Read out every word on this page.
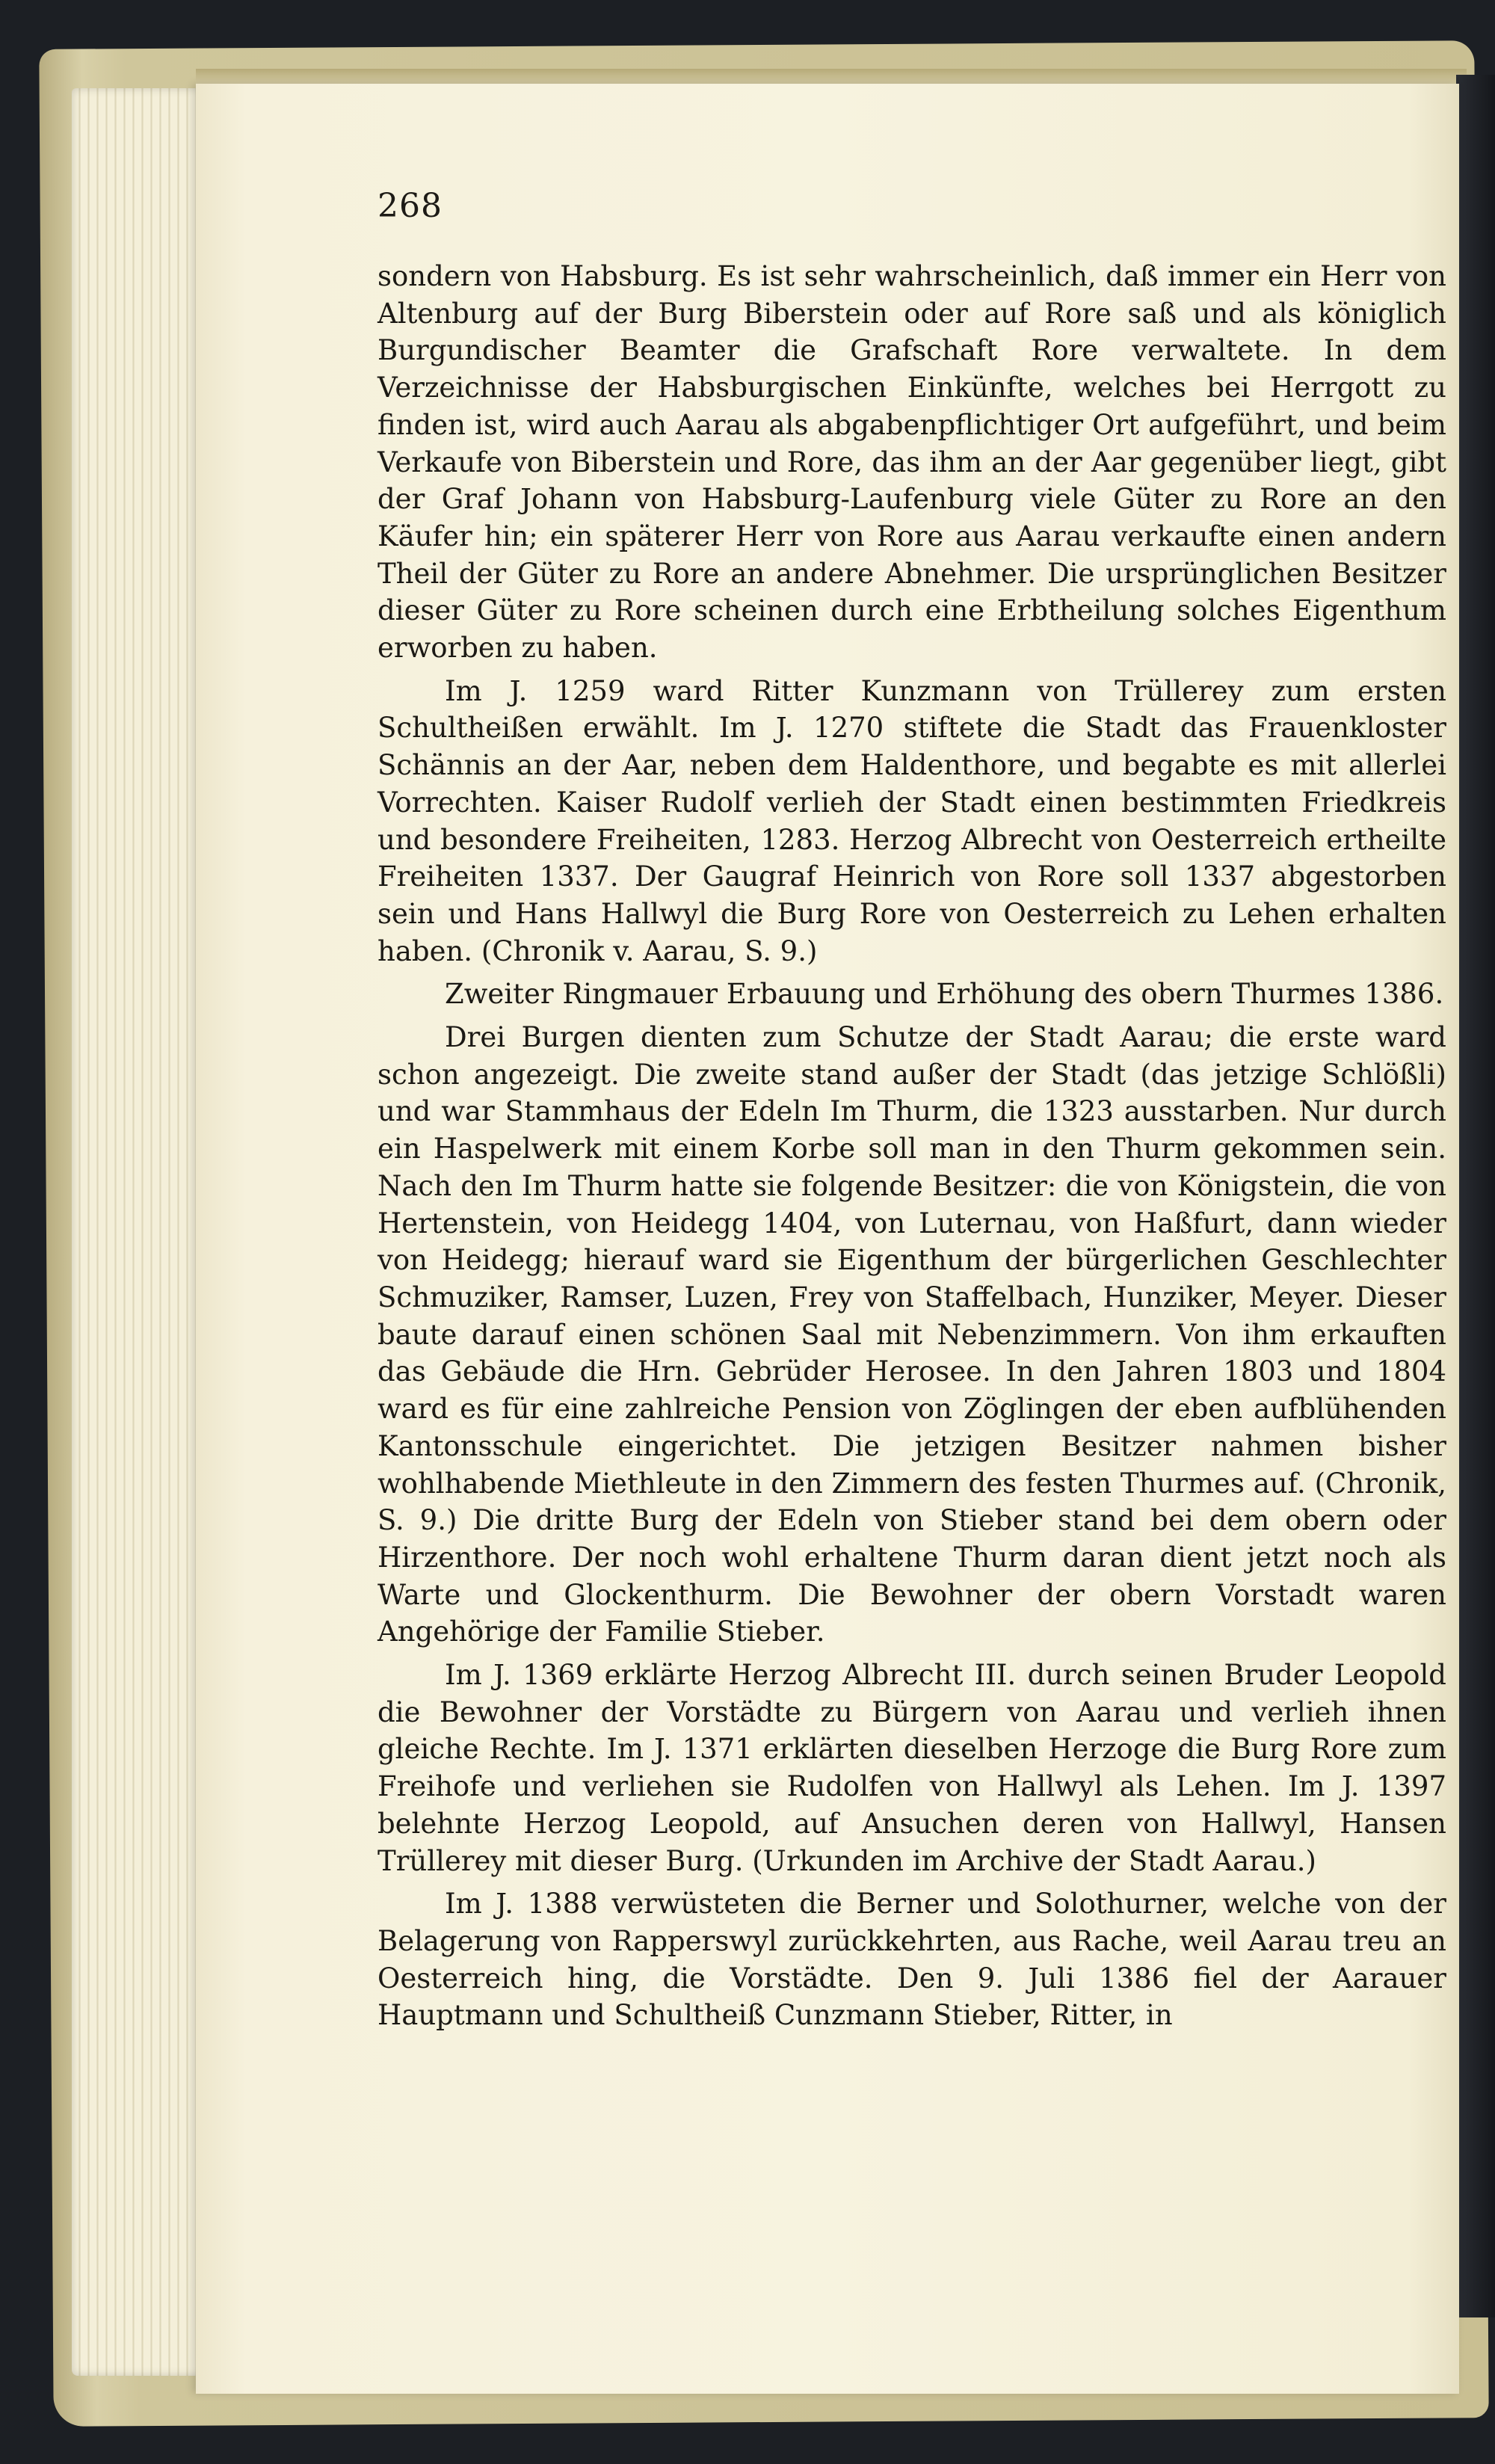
268

sondern von Habsburg. Es ist sehr wahrscheinlich, daß immer ein Herr von Altenburg auf der Burg Biberstein oder auf Rore saß und als königlich Burgundischer Beamter die Grafschaft Rore verwaltete. In dem Verzeichnisse der Habsburgischen Einkünfte, welches bei Herrgott zu finden ist, wird auch Aarau als abgabenpflichtiger Ort aufgeführt, und beim Verkaufe von Biberstein und Rore, das ihm an der Aar gegenüber liegt, gibt der Graf Johann von Habsburg-Laufenburg viele Güter zu Rore an den Käufer hin; ein späterer Herr von Rore aus Aarau verkaufte einen andern Theil der Güter zu Rore an andere Abnehmer. Die ursprünglichen Besitzer dieser Güter zu Rore scheinen durch eine Erbtheilung solches Eigenthum erworben zu haben.

Im J. 1259 ward Ritter Kunzmann von Trüllerey zum ersten Schultheißen erwählt. Im J. 1270 stiftete die Stadt das Frauenkloster Schännis an der Aar, neben dem Haldenthore, und begabte es mit allerlei Vorrechten. Kaiser Rudolf verlieh der Stadt einen bestimmten Friedkreis und besondere Freiheiten, 1283. Herzog Albrecht von Oesterreich ertheilte Freiheiten 1337. Der Gaugraf Heinrich von Rore soll 1337 abgestorben sein und Hans Hallwyl die Burg Rore von Oesterreich zu Lehen erhalten haben. (Chronik v. Aarau, S. 9.)

Zweiter Ringmauer Erbauung und Erhöhung des obern Thurmes 1386.

Drei Burgen dienten zum Schutze der Stadt Aarau; die erste ward schon angezeigt. Die zweite stand außer der Stadt (das jetzige Schlößli) und war Stammhaus der Edeln Im Thurm, die 1323 ausstarben. Nur durch ein Haspelwerk mit einem Korbe soll man in den Thurm gekommen sein. Nach den Im Thurm hatte sie folgende Besitzer: die von Königstein, die von Hertenstein, von Heidegg 1404, von Luternau, von Haßfurt, dann wieder von Heidegg; hierauf ward sie Eigenthum der bürgerlichen Geschlechter Schmuziker, Ramser, Luzen, Frey von Staffelbach, Hunziker, Meyer. Dieser baute darauf einen schönen Saal mit Nebenzimmern. Von ihm erkauften das Gebäude die Hrn. Gebrüder Herosee. In den Jahren 1803 und 1804 ward es für eine zahlreiche Pension von Zöglingen der eben aufblühenden Kantonsschule eingerichtet. Die jetzigen Besitzer nahmen bisher wohlhabende Miethleute in den Zimmern des festen Thurmes auf. (Chronik, S. 9.) Die dritte Burg der Edeln von Stieber stand bei dem obern oder Hirzenthore. Der noch wohl erhaltene Thurm daran dient jetzt noch als Warte und Glockenthurm. Die Bewohner der obern Vorstadt waren Angehörige der Familie Stieber.

Im J. 1369 erklärte Herzog Albrecht III. durch seinen Bruder Leopold die Bewohner der Vorstädte zu Bürgern von Aarau und verlieh ihnen gleiche Rechte. Im J. 1371 erklärten dieselben Herzoge die Burg Rore zum Freihofe und verliehen sie Rudolfen von Hallwyl als Lehen. Im J. 1397 belehnte Herzog Leopold, auf Ansuchen deren von Hallwyl, Hansen Trüllerey mit dieser Burg. (Urkunden im Archive der Stadt Aarau.)

Im J. 1388 verwüsteten die Berner und Solothurner, welche von der Belagerung von Rapperswyl zurückkehrten, aus Rache, weil Aarau treu an Oesterreich hing, die Vorstädte. Den 9. Juli 1386 fiel der Aarauer Hauptmann und Schultheiß Cunzmann Stieber, Ritter, in
